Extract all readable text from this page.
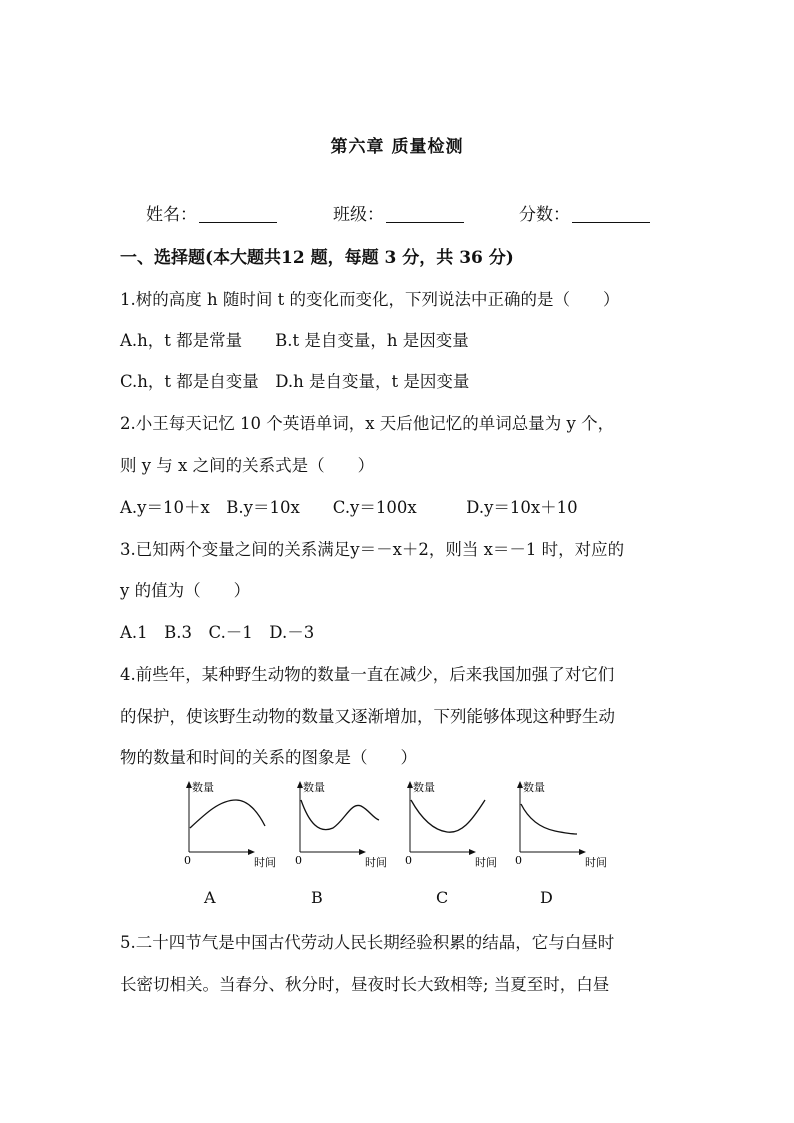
第六章 质量检测
姓名：	班级：	分数：
一、选择题(本大题共12 题，每题 3 分，共 36 分)
1.树的高度 h 随时间 t 的变化而变化，下列说法中正确的是（　　）
A.h，t 都是常量　　B.t 是自变量，h 是因变量
C.h，t 都是自变量　D.h 是自变量，t 是因变量
2.小王每天记忆 10 个英语单词，x 天后他记忆的单词总量为 y 个，
则 y 与 x 之间的关系式是（　　）
A.y＝10＋x　B.y＝10x　　C.y＝100x　　　D.y＝10x＋10
3.已知两个变量之间的关系满足y＝－x＋2，则当 x＝－1 时，对应的
y 的值为（　　）
A.1　B.3　C.－1　D.－3
4.前些年，某种野生动物的数量一直在减少，后来我国加强了对它们
的保护，使该野生动物的数量又逐渐增加，下列能够体现这种野生动
物的数量和时间的关系的图象是（　　）
数量
0	时间
数量
0	时间
数量
0	时间
数量
0	时间
A	B	C	D
5.二十四节气是中国古代劳动人民长期经验积累的结晶，它与白昼时
长密切相关。当春分、秋分时，昼夜时长大致相等; 当夏至时，白昼
